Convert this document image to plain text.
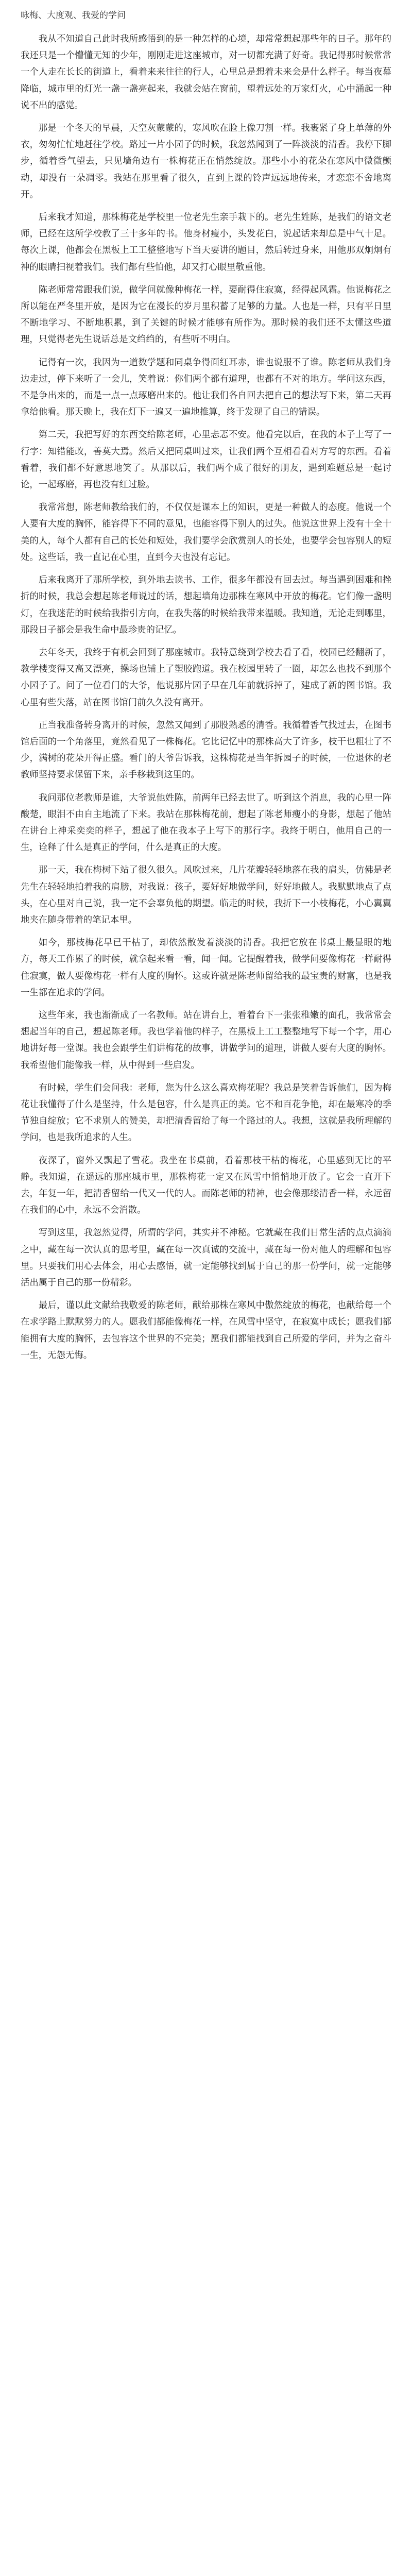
咏梅、大度观、我爱的学问

我从不知道自己此时我所感悟到的是一种怎样的心境，却常常想起那些年的日子。那年的我还只是一个懵懂无知的少年，刚刚走进这座城市，对一切都充满了好奇。我记得那时候常常一个人走在长长的街道上，看着来来往往的行人，心里总是想着未来会是什么样子。每当夜幕降临，城市里的灯光一盏一盏亮起来，我就会站在窗前，望着远处的万家灯火，心中涌起一种说不出的感觉。

那是一个冬天的早晨，天空灰蒙蒙的，寒风吹在脸上像刀割一样。我裹紧了身上单薄的外衣，匆匆忙忙地赶往学校。路过一片小园子的时候，我忽然闻到了一阵淡淡的清香。我停下脚步，循着香气望去，只见墙角边有一株梅花正在悄然绽放。那些小小的花朵在寒风中微微颤动，却没有一朵凋零。我站在那里看了很久，直到上课的铃声远远地传来，才恋恋不舍地离开。

后来我才知道，那株梅花是学校里一位老先生亲手栽下的。老先生姓陈，是我们的语文老师，已经在这所学校教了三十多年的书。他身材瘦小，头发花白，说起话来却总是中气十足。每次上课，他都会在黑板上工工整整地写下当天要讲的题目，然后转过身来，用他那双炯炯有神的眼睛扫视着我们。我们都有些怕他，却又打心眼里敬重他。

陈老师常常跟我们说，做学问就像种梅花一样，要耐得住寂寞，经得起风霜。他说梅花之所以能在严冬里开放，是因为它在漫长的岁月里积蓄了足够的力量。人也是一样，只有平日里不断地学习、不断地积累，到了关键的时候才能够有所作为。那时候的我们还不太懂这些道理，只觉得老先生说话总是文绉绉的，有些听不明白。

记得有一次，我因为一道数学题和同桌争得面红耳赤，谁也说服不了谁。陈老师从我们身边走过，停下来听了一会儿，笑着说：你们两个都有道理，也都有不对的地方。学问这东西，不是争出来的，而是一点一点琢磨出来的。他让我们各自回去把自己的想法写下来，第二天再拿给他看。那天晚上，我在灯下一遍又一遍地推算，终于发现了自己的错误。

第二天，我把写好的东西交给陈老师，心里忐忑不安。他看完以后，在我的本子上写了一行字：知错能改，善莫大焉。然后又把同桌叫过来，让我们两个互相看看对方写的东西。看着看着，我们都不好意思地笑了。从那以后，我们两个成了很好的朋友，遇到难题总是一起讨论，一起琢磨，再也没有红过脸。

我常常想，陈老师教给我们的，不仅仅是课本上的知识，更是一种做人的态度。他说一个人要有大度的胸怀，能容得下不同的意见，也能容得下别人的过失。他说这世界上没有十全十美的人，每个人都有自己的长处和短处，我们要学会欣赏别人的长处，也要学会包容别人的短处。这些话，我一直记在心里，直到今天也没有忘记。

后来我离开了那所学校，到外地去读书、工作，很多年都没有回去过。每当遇到困难和挫折的时候，我总会想起陈老师说过的话，想起墙角边那株在寒风中开放的梅花。它们像一盏明灯，在我迷茫的时候给我指引方向，在我失落的时候给我带来温暖。我知道，无论走到哪里，那段日子都会是我生命中最珍贵的记忆。

去年冬天，我终于有机会回到了那座城市。我特意绕到学校去看了看，校园已经翻新了，教学楼变得又高又漂亮，操场也铺上了塑胶跑道。我在校园里转了一圈，却怎么也找不到那个小园子了。问了一位看门的大爷，他说那片园子早在几年前就拆掉了，建成了新的图书馆。我心里有些失落，站在图书馆门前久久没有离开。

正当我准备转身离开的时候，忽然又闻到了那股熟悉的清香。我循着香气找过去，在图书馆后面的一个角落里，竟然看见了一株梅花。它比记忆中的那株高大了许多，枝干也粗壮了不少，满树的花朵开得正盛。看门的大爷告诉我，这株梅花是当年拆园子的时候，一位退休的老教师坚持要求保留下来，亲手移栽到这里的。

我问那位老教师是谁，大爷说他姓陈，前两年已经去世了。听到这个消息，我的心里一阵酸楚，眼泪不由自主地流了下来。我站在那株梅花前，想起了陈老师瘦小的身影，想起了他站在讲台上神采奕奕的样子，想起了他在我本子上写下的那行字。我终于明白，他用自己的一生，诠释了什么是真正的学问，什么是真正的大度。

那一天，我在梅树下站了很久很久。风吹过来，几片花瓣轻轻地落在我的肩头，仿佛是老先生在轻轻地拍着我的肩膀，对我说：孩子，要好好地做学问，好好地做人。我默默地点了点头，在心里对自己说，我一定不会辜负他的期望。临走的时候，我折下一小枝梅花，小心翼翼地夹在随身带着的笔记本里。

如今，那枝梅花早已干枯了，却依然散发着淡淡的清香。我把它放在书桌上最显眼的地方，每天工作累了的时候，就拿起来看一看，闻一闻。它提醒着我，做学问要像梅花一样耐得住寂寞，做人要像梅花一样有大度的胸怀。这或许就是陈老师留给我的最宝贵的财富，也是我一生都在追求的学问。

这些年来，我也渐渐成了一名教师。站在讲台上，看着台下一张张稚嫩的面孔，我常常会想起当年的自己，想起陈老师。我也学着他的样子，在黑板上工工整整地写下每一个字，用心地讲好每一堂课。我也会跟学生们讲梅花的故事，讲做学问的道理，讲做人要有大度的胸怀。我希望他们能像我一样，从中得到一些启发。

有时候，学生们会问我：老师，您为什么这么喜欢梅花呢？我总是笑着告诉他们，因为梅花让我懂得了什么是坚持，什么是包容，什么是真正的美。它不和百花争艳，却在最寒冷的季节独自绽放；它不求别人的赞美，却把清香留给了每一个路过的人。我想，这就是我所理解的学问，也是我所追求的人生。

夜深了，窗外又飘起了雪花。我坐在书桌前，看着那枝干枯的梅花，心里感到无比的平静。我知道，在遥远的那座城市里，那株梅花一定又在风雪中悄悄地开放了。它会一直开下去，年复一年，把清香留给一代又一代的人。而陈老师的精神，也会像那缕清香一样，永远留在我们的心中，永远不会消散。

写到这里，我忽然觉得，所谓的学问，其实并不神秘。它就藏在我们日常生活的点点滴滴之中，藏在每一次认真的思考里，藏在每一次真诚的交流中，藏在每一份对他人的理解和包容里。只要我们用心去体会，用心去感悟，就一定能够找到属于自己的那一份学问，就一定能够活出属于自己的那一份精彩。

最后，谨以此文献给我敬爱的陈老师，献给那株在寒风中傲然绽放的梅花，也献给每一个在求学路上默默努力的人。愿我们都能像梅花一样，在风雪中坚守，在寂寞中成长；愿我们都能拥有大度的胸怀，去包容这个世界的不完美；愿我们都能找到自己所爱的学问，并为之奋斗一生，无怨无悔。
